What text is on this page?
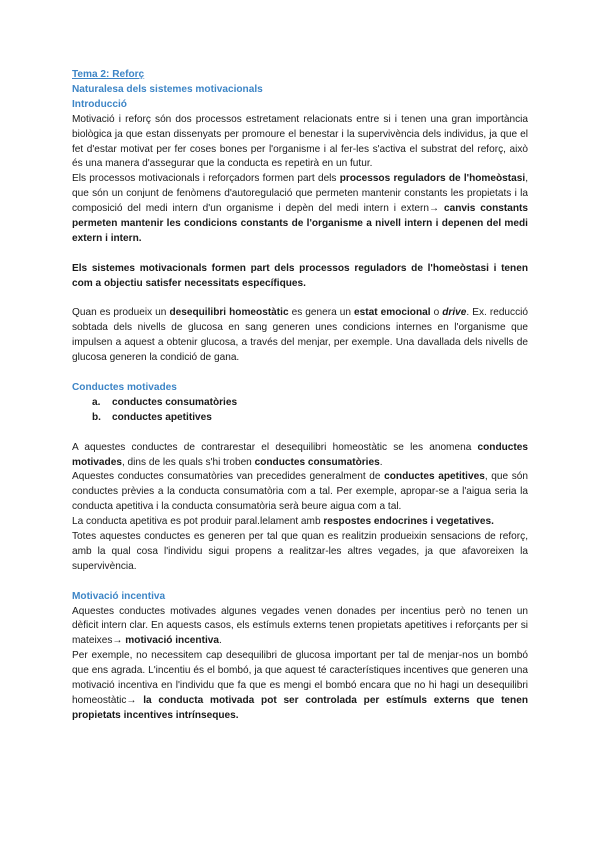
Tema 2: Reforç

Naturalesa dels sistemes motivacionals

Introducció

Motivació i reforç són dos processos estretament relacionats entre si i tenen una gran importància biològica ja que estan dissenyats per promoure el benestar i la supervivència dels individus, ja que el fet d'estar motivat per fer coses bones per l'organisme i al fer-les s'activa el substrat del reforç, això és una manera d'assegurar que la conducta es repetirà en un futur.

Els processos motivacionals i reforçadors formen part dels processos reguladors de l'homeòstasi, que són un conjunt de fenòmens d'autoregulació que permeten mantenir constants les propietats i la composició del medi intern d'un organisme i depèn del medi intern i extern→ canvis constants permeten mantenir les condicions constants de l'organisme a nivell intern i depenen del medi extern i intern.

Els sistemes motivacionals formen part dels processos reguladors de l'homeòstasi i tenen com a objectiu satisfer necessitats específiques.

Quan es produeix un desequilibri homeostàtic es genera un estat emocional o drive. Ex. reducció sobtada dels nivells de glucosa en sang generen unes condicions internes en l'organisme que impulsen a aquest a obtenir glucosa, a través del menjar, per exemple. Una davallada dels nivells de glucosa generen la condició de gana.

Conductes motivades

a. conductes consumatòries
b. conductes apetitives

A aquestes conductes de contrarestar el desequilibri homeostàtic se les anomena conductes motivades, dins de les quals s'hi troben conductes consumatòries.

Aquestes conductes consumatòries van precedides generalment de conductes apetitives, que són conductes prèvies a la conducta consumatòria com a tal. Per exemple, apropar-se a l'aigua seria la conducta apetitiva i la conducta consumatòria serà beure aigua com a tal.

La conducta apetitiva es pot produir paral.lelament amb respostes endocrines i vegetatives.

Totes aquestes conductes es generen per tal que quan es realitzin produeixin sensacions de reforç, amb la qual cosa l'individu sigui propens a realitzar-les altres vegades, ja que afavoreixen la supervivència.

Motivació incentiva

Aquestes conductes motivades algunes vegades venen donades per incentius però no tenen un dèficit intern clar. En aquests casos, els estímuls externs tenen propietats apetitives i reforçants per si mateixes→ motivació incentiva.

Per exemple, no necessitem cap desequilibri de glucosa important per tal de menjar-nos un bombó que ens agrada. L'incentiu és el bombó, ja que aquest té característiques incentives que generen una motivació incentiva en l'individu que fa que es mengi el bombó encara que no hi hagi un desequilibri homeostàtic→ la conducta motivada pot ser controlada per estímuls externs que tenen propietats incentives intrínseques.
